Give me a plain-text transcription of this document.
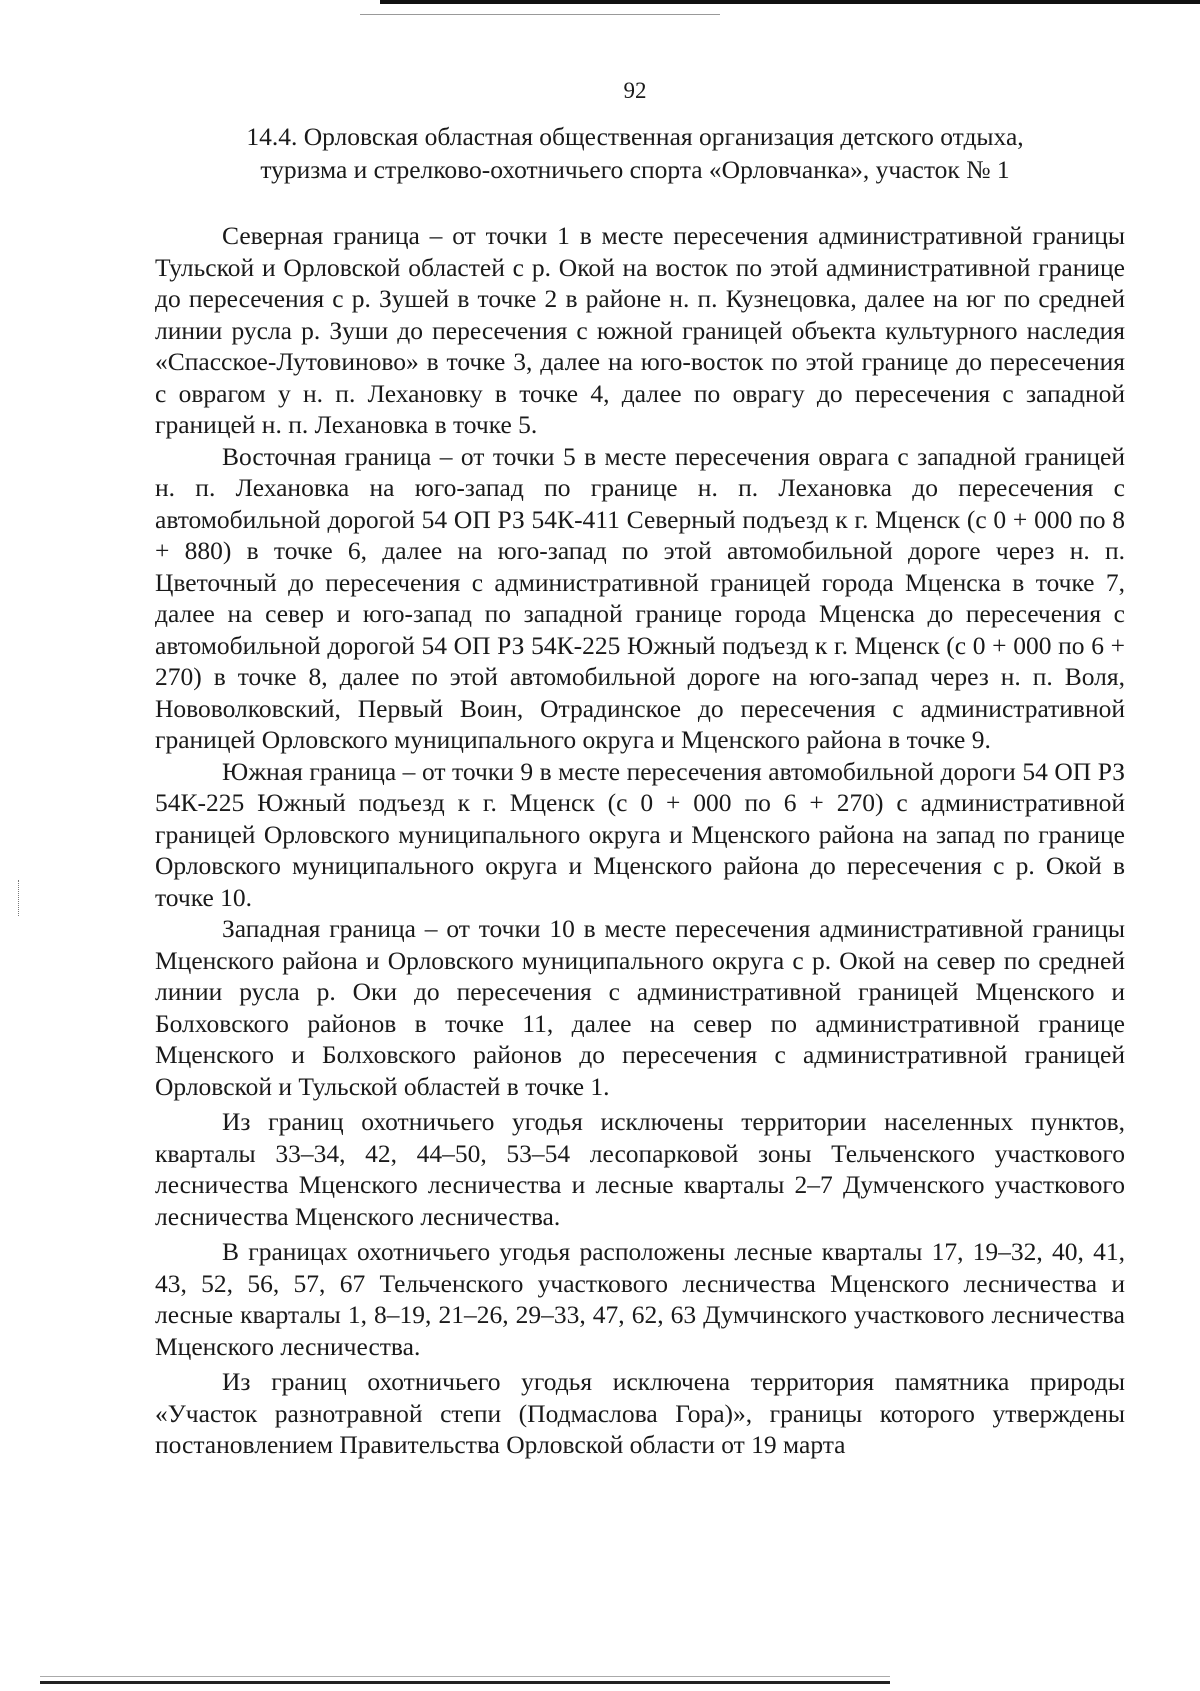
92
14.4. Орловская областная общественная организация детского отдыха,
туризма и стрелково-охотничьего спорта «Орловчанка», участок № 1

Северная граница – от точки 1 в месте пересечения административной границы Тульской и Орловской областей с р. Окой на восток по этой административной границе до пересечения с р. Зушей в точке 2 в районе н. п. Кузнецовка, далее на юг по средней линии русла р. Зуши до пересечения с южной границей объекта культурного наследия «Спасское-Лутовиново» в точке 3, далее на юго-восток по этой границе до пересечения с оврагом у н. п. Лехановку в точке 4, далее по оврагу до пересечения с западной границей н. п. Лехановка в точке 5.

Восточная граница – от точки 5 в месте пересечения оврага с западной границей н. п. Лехановка на юго-запад по границе н. п. Лехановка до пересечения с автомобильной дорогой 54 ОП РЗ 54К-411 Северный подъезд к г. Мценск (с 0 + 000 по 8 + 880) в точке 6, далее на юго-запад по этой автомобильной дороге через н. п. Цветочный до пересечения с административной границей города Мценска в точке 7, далее на север и юго-запад по западной границе города Мценска до пересечения с автомобильной дорогой 54 ОП РЗ 54К-225 Южный подъезд к г. Мценск (с 0 + 000 по 6 + 270) в точке 8, далее по этой автомобильной дороге на юго-запад через н. п. Воля, Нововолковский, Первый Воин, Отрадинское до пересечения с административной границей Орловского муниципального округа и Мценского района в точке 9.

Южная граница – от точки 9 в месте пересечения автомобильной дороги 54 ОП РЗ 54К-225 Южный подъезд к г. Мценск (с 0 + 000 по 6 + 270) с административной границей Орловского муниципального округа и Мценского района на запад по границе Орловского муниципального округа и Мценского района до пересечения с р. Окой в точке 10.

Западная граница – от точки 10 в месте пересечения административной границы Мценского района и Орловского муниципального округа с р. Окой на север по средней линии русла р. Оки до пересечения с административной границей Мценского и Болховского районов в точке 11, далее на север по административной границе Мценского и Болховского районов до пересечения с административной границей Орловской и Тульской областей в точке 1.

Из границ охотничьего угодья исключены территории населенных пунктов, кварталы 33–34, 42, 44–50, 53–54 лесопарковой зоны Тельченского участкового лесничества Мценского лесничества и лесные кварталы 2–7 Думченского участкового лесничества Мценского лесничества.

В границах охотничьего угодья расположены лесные кварталы 17, 19–32, 40, 41, 43, 52, 56, 57, 67 Тельченского участкового лесничества Мценского лесничества и лесные кварталы 1, 8–19, 21–26, 29–33, 47, 62, 63 Думчинского участкового лесничества Мценского лесничества.

Из границ охотничьего угодья исключена территория памятника природы «Участок разнотравной степи (Подмаслова Гора)», границы которого утверждены постановлением Правительства Орловской области от 19 марта
